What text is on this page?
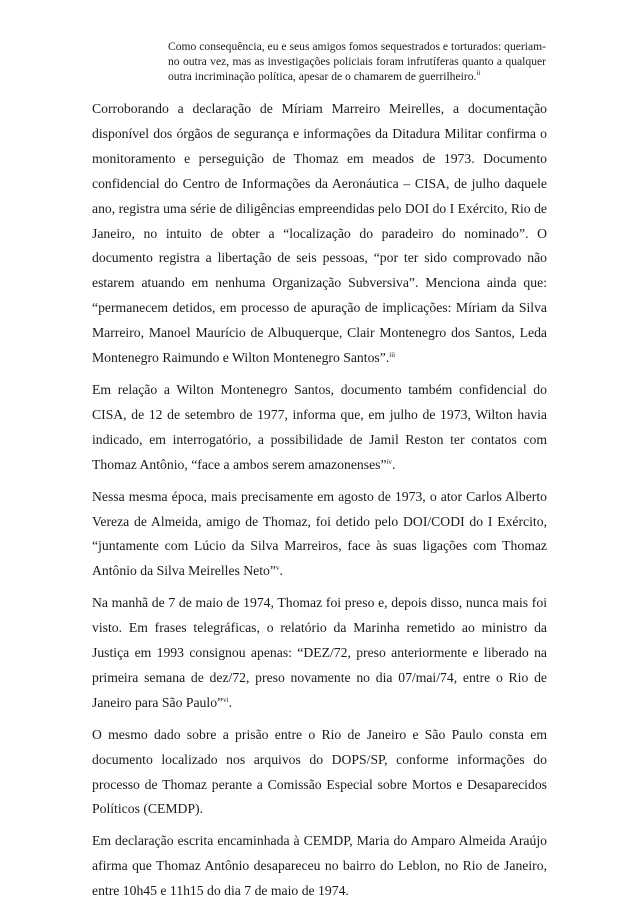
Como consequência, eu e seus amigos fomos sequestrados e torturados: queriam-no outra vez, mas as investigações policiais foram infrutíferas quanto a qualquer outra incriminação política, apesar de o chamarem de guerrilheiro.$^{ii}$

Corroborando a declaração de Míriam Marreiro Meirelles, a documentação disponível dos órgãos de segurança e informações da Ditadura Militar confirma o monitoramento e perseguição de Thomaz em meados de 1973. Documento confidencial do Centro de Informações da Aeronáutica – CISA, de julho daquele ano, registra uma série de diligências empreendidas pelo DOI do I Exército, Rio de Janeiro, no intuito de obter a “localização do paradeiro do nominado”. O documento registra a libertação de seis pessoas, “por ter sido comprovado não estarem atuando em nenhuma Organização Subversiva”. Menciona ainda que: “permanecem detidos, em processo de apuração de implicações: Míriam da Silva Marreiro, Manoel Maurício de Albuquerque, Clair Montenegro dos Santos, Leda Montenegro Raimundo e Wilton Montenegro Santos”.$^{iii}$

Em relação a Wilton Montenegro Santos, documento também confidencial do CISA, de 12 de setembro de 1977, informa que, em julho de 1973, Wilton havia indicado, em interrogatório, a possibilidade de Jamil Reston ter contatos com Thomaz Antônio, “face a ambos serem amazonenses”$^{iv}$.

Nessa mesma época, mais precisamente em agosto de 1973, o ator Carlos Alberto Vereza de Almeida, amigo de Thomaz, foi detido pelo DOI/CODI do I Exército, “juntamente com Lúcio da Silva Marreiros, face às suas ligações com Thomaz Antônio da Silva Meirelles Neto”$^v$.

Na manhã de 7 de maio de 1974, Thomaz foi preso e, depois disso, nunca mais foi visto. Em frases telegráficas, o relatório da Marinha remetido ao ministro da Justiça em 1993 consignou apenas: “DEZ/72, preso anteriormente e liberado na primeira semana de dez/72, preso novamente no dia 07/mai/74, entre o Rio de Janeiro para São Paulo”$^{vi}$.

O mesmo dado sobre a prisão entre o Rio de Janeiro e São Paulo consta em documento localizado nos arquivos do DOPS/SP, conforme informações do processo de Thomaz perante a Comissão Especial sobre Mortos e Desaparecidos Políticos (CEMDP).

Em declaração escrita encaminhada à CEMDP, Maria do Amparo Almeida Araújo afirma que Thomaz Antônio desapareceu no bairro do Leblon, no Rio de Janeiro, entre 10h45 e 11h15 do dia 7 de maio de 1974.
